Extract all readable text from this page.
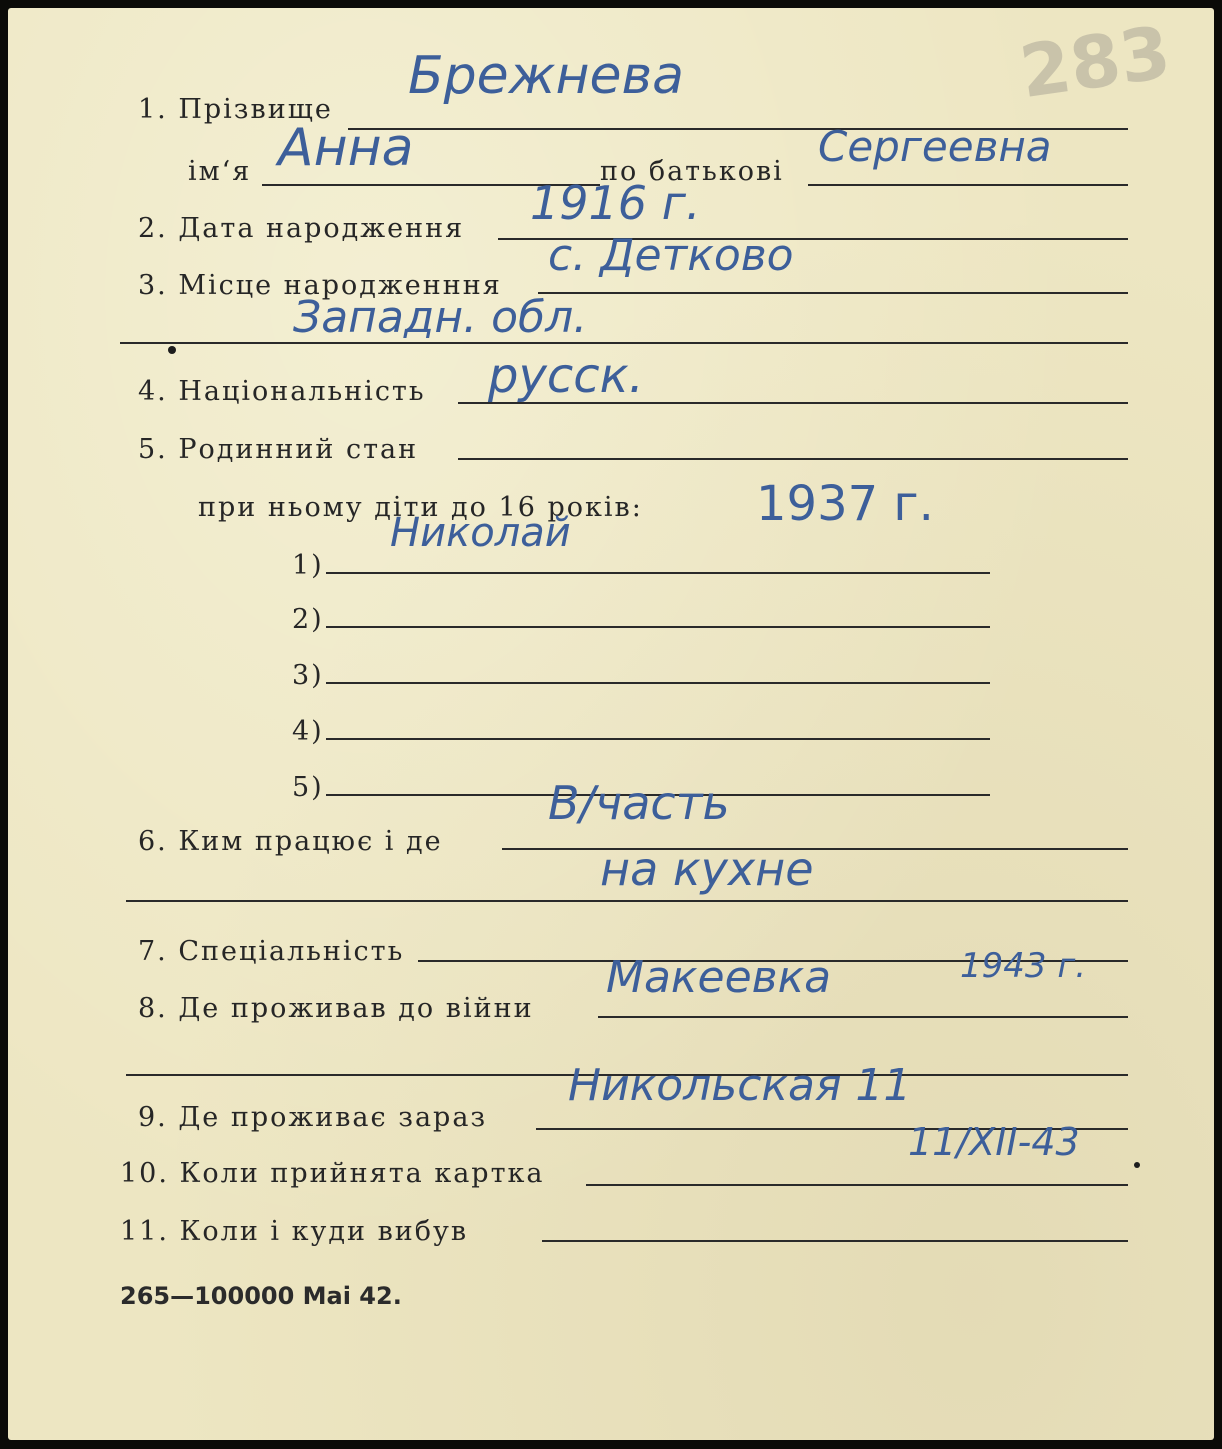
283
1. Прізвище
Брежнева
ім‘я Анна	по батькові
Сергеевна
2. Дата народження 1916 г.
3. Місце народженння
с. Детково
Западн. обл.
4. Національність русск.
5. Родинний стан
при ньому діти до 16 років: 1937 г.
Николай
1)
2)
3)
4)
5)
6. Ким працює і де
В/часть
на кухне
7. Спеціальність
8. Де проживав до війни
Макеевка	1943 г.
9. Де проживає зараз
Никольская 11
10. Коли прийнята картка
11/XII-43
11. Коли і куди вибув
265—100000 Маі 42.
